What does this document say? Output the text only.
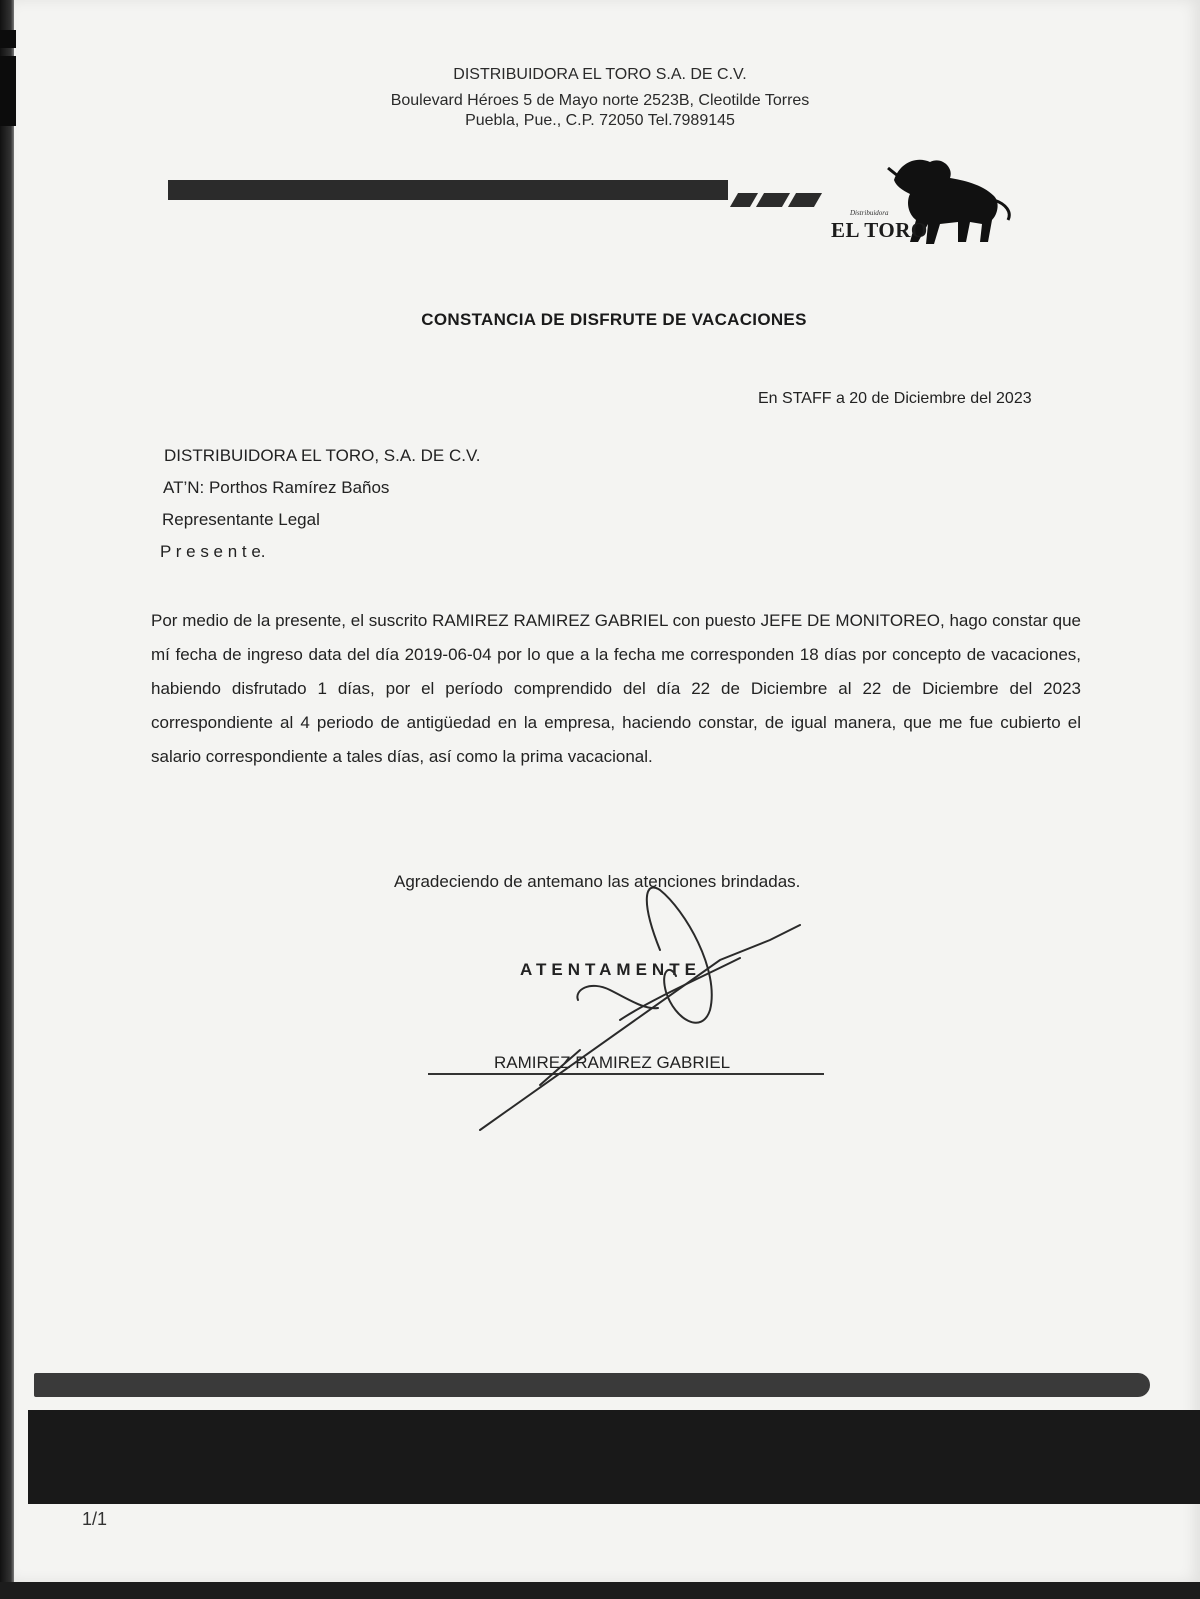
DISTRIBUIDORA EL TORO S.A. DE C.V.
Boulevard Héroes 5 de Mayo norte 2523B, Cleotilde Torres
Puebla, Pue., C.P. 72050 Tel.7989145
Distribuidora
EL TORO
CONSTANCIA DE DISFRUTE DE VACACIONES
En STAFF a 20 de Diciembre del 2023
DISTRIBUIDORA EL TORO, S.A. DE C.V.
AT’N: Porthos Ramírez Baños
Representante Legal
P r e s e n t e.
Por medio de la presente, el suscrito RAMIREZ RAMIREZ GABRIEL con puesto JEFE DE MONITOREO, hago constar que mí fecha de ingreso data del día 2019-06-04 por lo que a la fecha me corresponden 18 días por concepto de vacaciones, habiendo disfrutado 1 días, por el período comprendido del día 22 de Diciembre al 22 de Diciembre del 2023 correspondiente al 4 periodo de antigüedad en la empresa, haciendo constar, de igual manera, que me fue cubierto el salario correspondiente a tales días, así como la prima vacacional.
Agradeciendo de antemano las atenciones brindadas.
ATENTAMENTE
RAMIREZ RAMIREZ GABRIEL
1/1
